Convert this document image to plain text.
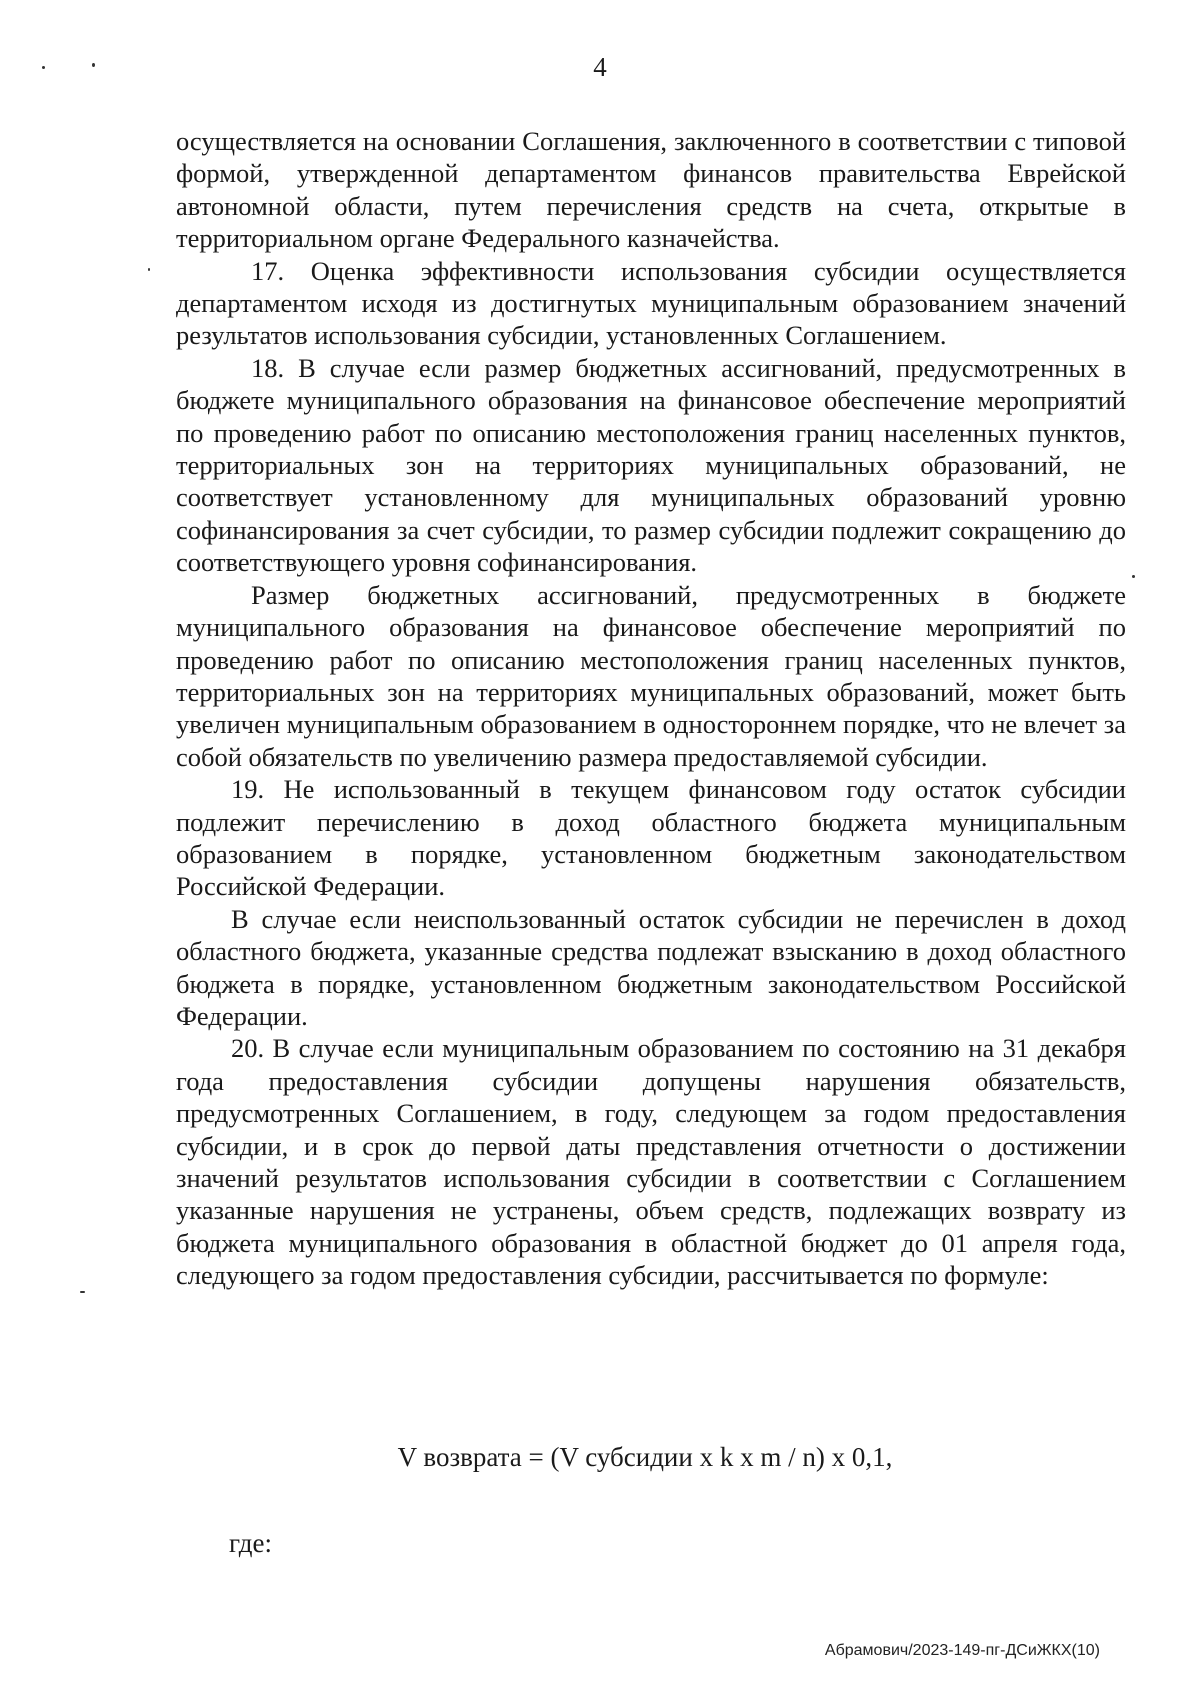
4

осуществляется на основании Соглашения, заключенного в соответствии с типовой формой, утвержденной департаментом финансов правительства Еврейской автономной области, путем перечисления средств на счета, открытые в территориальном органе Федерального казначейства.

17. Оценка эффективности использования субсидии осуществляется департаментом исходя из достигнутых муниципальным образованием значений результатов использования субсидии, установленных Соглашением.

18. В случае если размер бюджетных ассигнований, предусмотренных в бюджете муниципального образования на финансовое обеспечение мероприятий по проведению работ по описанию местоположения границ населенных пунктов, территориальных зон на территориях муниципальных образований, не соответствует установленному для муниципальных образований уровню софинансирования за счет субсидии, то размер субсидии подлежит сокращению до соответствующего уровня софинансирования.

Размер бюджетных ассигнований, предусмотренных в бюджете муниципального образования на финансовое обеспечение мероприятий по проведению работ по описанию местоположения границ населенных пунктов, территориальных зон на территориях муниципальных образований, может быть увеличен муниципальным образованием в одностороннем порядке, что не влечет за собой обязательств по увеличению размера предоставляемой субсидии.

19. Не использованный в текущем финансовом году остаток субсидии подлежит перечислению в доход областного бюджета муниципальным образованием в порядке, установленном бюджетным законодательством Российской Федерации.

В случае если неиспользованный остаток субсидии не перечислен в доход областного бюджета, указанные средства подлежат взысканию в доход областного бюджета в порядке, установленном бюджетным законодательством Российской Федерации.

20. В случае если муниципальным образованием по состоянию на 31 декабря года предоставления субсидии допущены нарушения обязательств, предусмотренных Соглашением, в году, следующем за годом предоставления субсидии, и в срок до первой даты представления отчетности о достижении значений результатов использования субсидии в соответствии с Соглашением указанные нарушения не устранены, объем средств, подлежащих возврату из бюджета муниципального образования в областной бюджет до 01 апреля года, следующего за годом предоставления субсидии, рассчитывается по формуле:

V возврата = (V субсидии x k x m / n) x 0,1,
где:
Абрамович/2023-149-пг-ДСиЖКХ(10)
